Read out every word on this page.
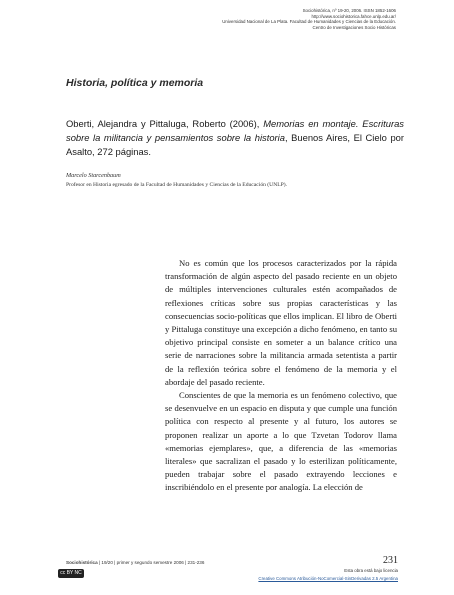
Sociohistórica, nº 19-20, 2006. ISSN 1852-1606
http://www.sociohistorica.fahce.unlp.edu.ar/
Universidad Nacional de La Plata. Facultad de Humanidades y Ciencias de la Educación.
Centro de Investigaciones Socio Históricas
Historia, política y memoria
Oberti, Alejandra y Pittaluga, Roberto (2006), Memorias en montaje. Escrituras sobre la militancia y pensamientos sobre la historia, Buenos Aires, El Cielo por Asalto, 272 páginas.
Marcelo Starcenbaum
Profesor en Historia egresado de la Facultad de Humanidades y Ciencias de la Educación (UNLP).

No es común que los procesos caracterizados por la rápida transformación de algún aspecto del pasado reciente en un objeto de múltiples intervenciones culturales estén acompañados de reflexiones críticas sobre sus propias características y las consecuencias socio-políticas que ellos implican. El libro de Oberti y Pittaluga constituye una excepción a dicho fenómeno, en tanto su objetivo principal consiste en someter a un balance crítico una serie de narraciones sobre la militancia armada setentista a partir de la reflexión teórica sobre el fenómeno de la memoria y el abordaje del pasado reciente.

Conscientes de que la memoria es un fenómeno colectivo, que se desenvuelve en un espacio en disputa y que cumple una función política con respecto al presente y al futuro, los autores se proponen realizar un aporte a lo que Tzvetan Todorov llama «memorias ejemplares», que, a diferencia de las «memorias literales» que sacralizan el pasado y lo esterilizan políticamente, pueden trabajar sobre el pasado extrayendo lecciones e inscribiéndolo en el presente por analogía. La elección de

Sociohistórica | 19/20 | primer y segundo semestre 2006 | 231-236
cc BY NC ND
231
Esta obra está bajo licencia
Creative Commons Atribución-NoComercial-SinDerivadas 2.5 Argentina
